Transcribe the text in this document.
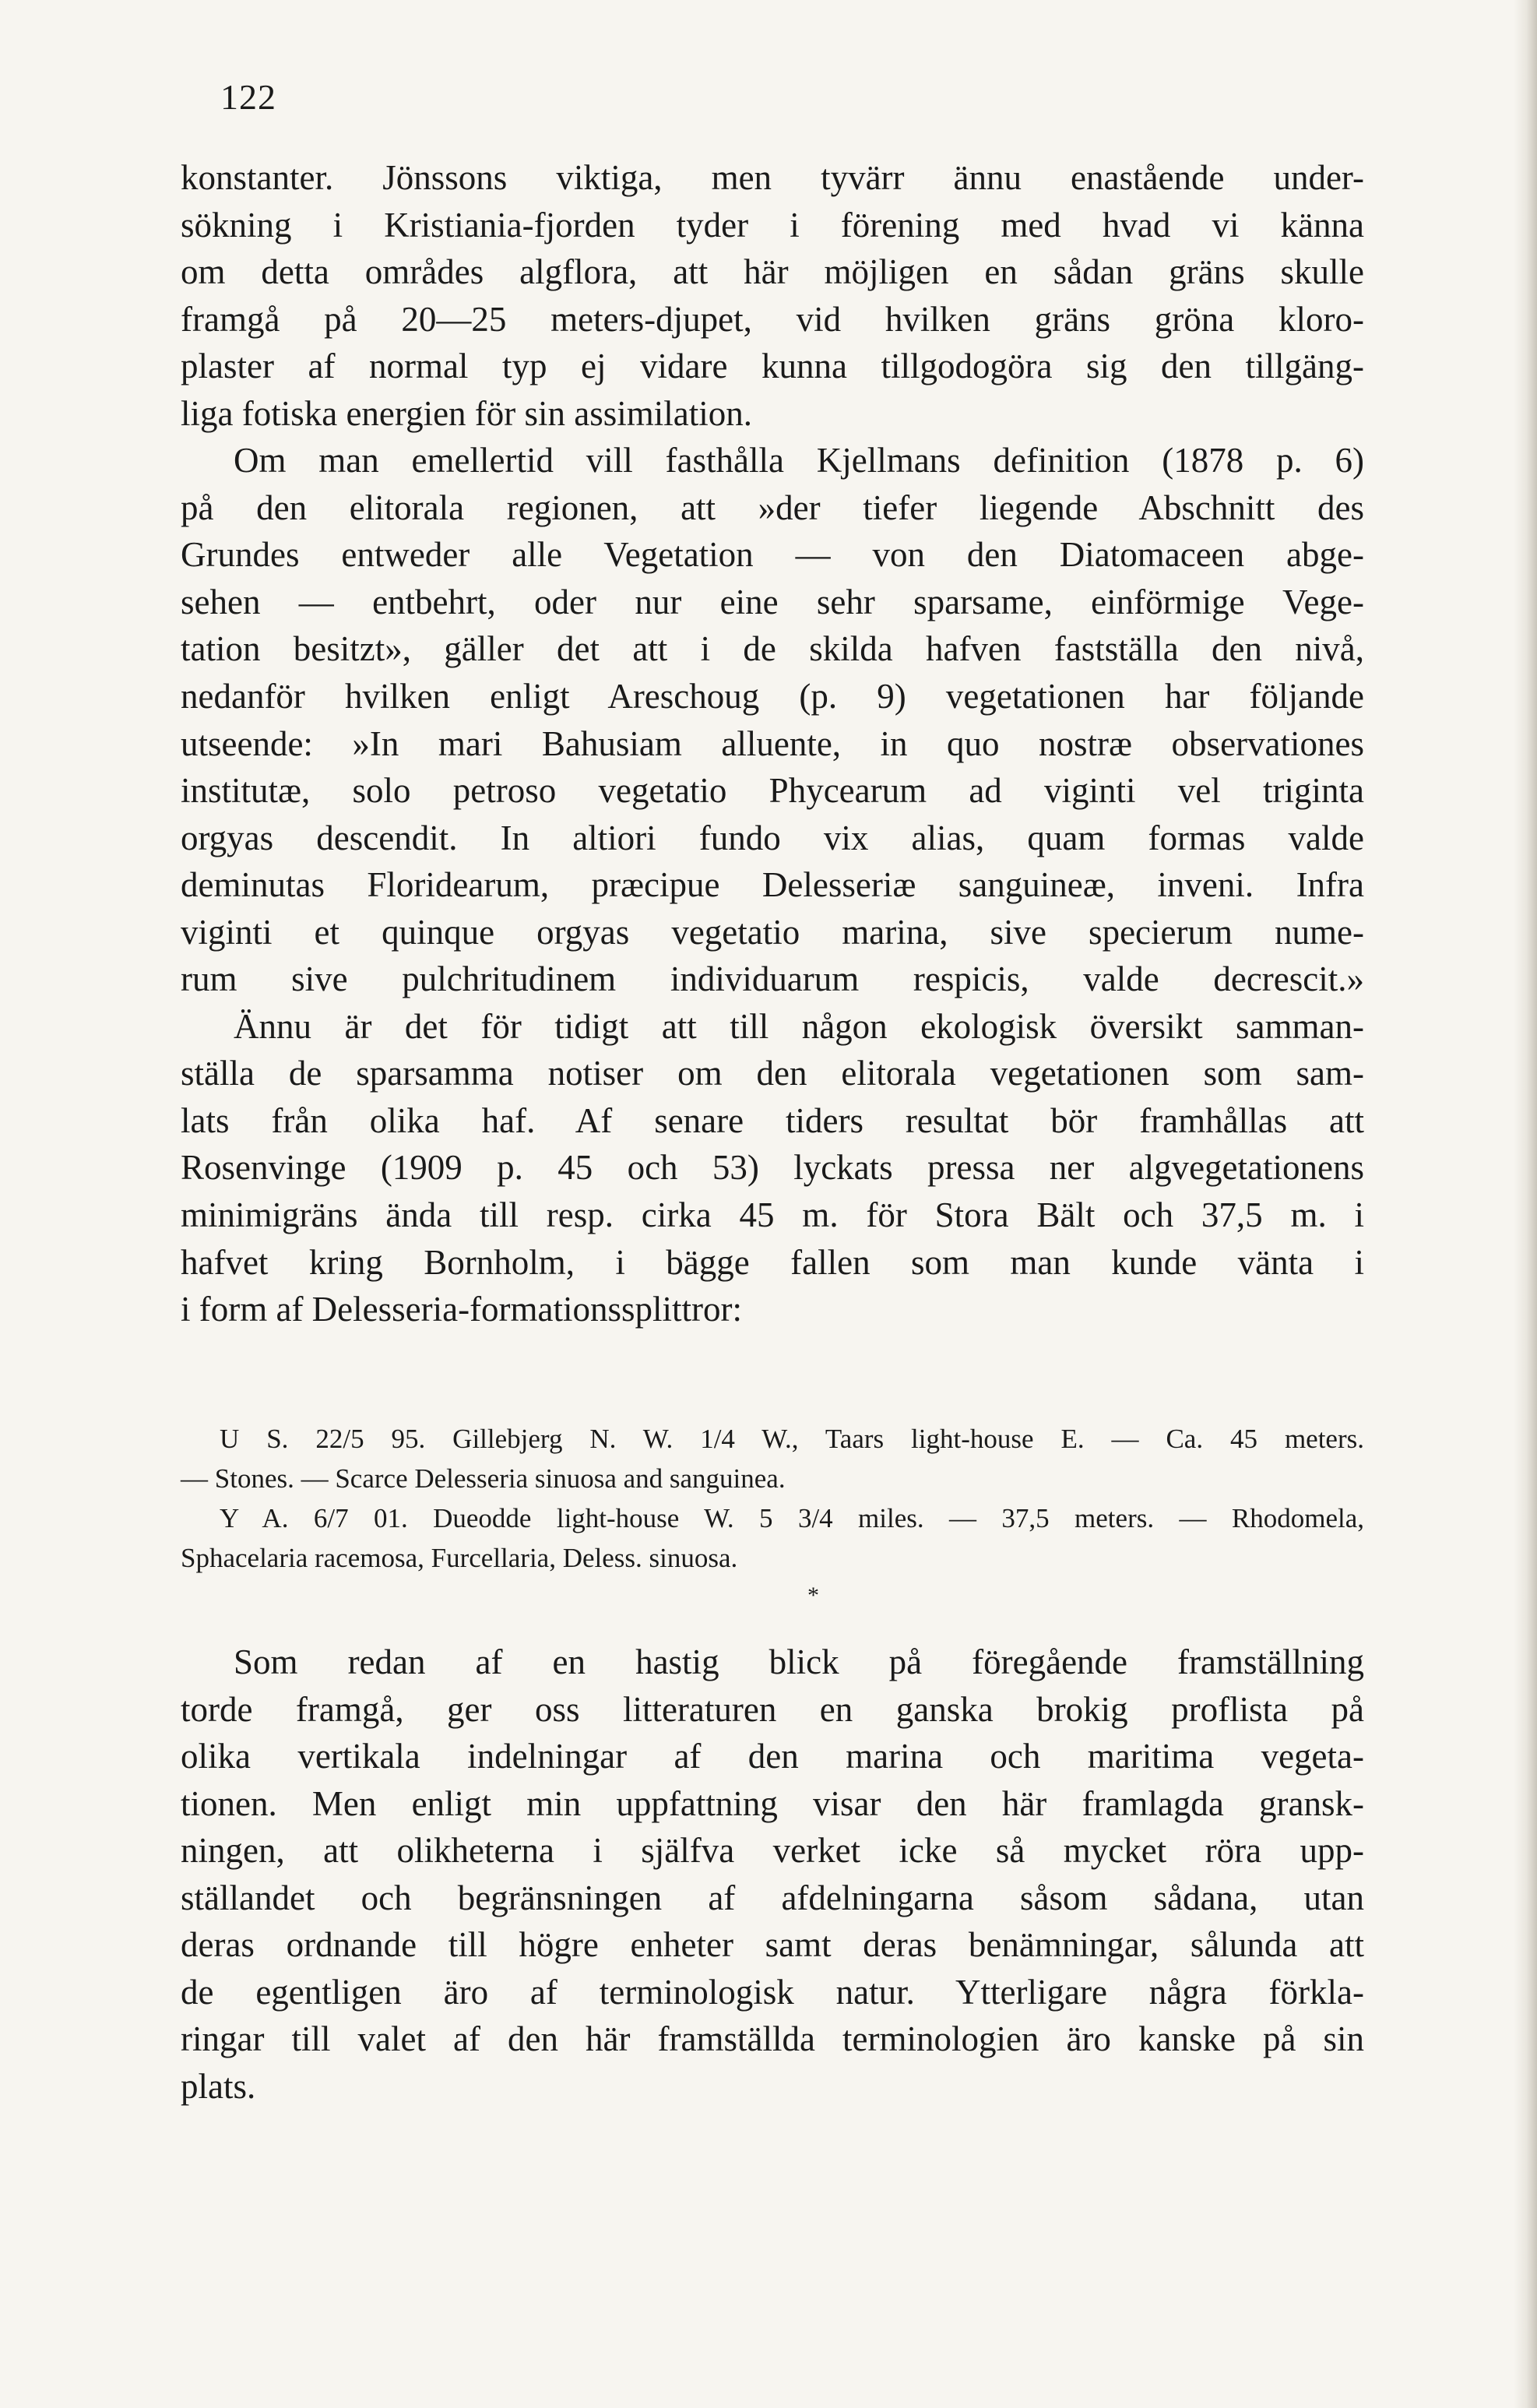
122
konstanter. Jönssons viktiga, men tyvärr ännu enastående under-
sökning i Kristiania-fjorden tyder i förening med hvad vi känna
om detta områdes algflora, att här möjligen en sådan gräns skulle
framgå på 20—25 meters-djupet, vid hvilken gräns gröna kloro-
plaster af normal typ ej vidare kunna tillgodogöra sig den tillgäng-
liga fotiska energien för sin assimilation.
Om man emellertid vill fasthålla Kjellmans definition (1878 p. 6)
på den elitorala regionen, att »der tiefer liegende Abschnitt des
Grundes entweder alle Vegetation — von den Diatomaceen abge-
sehen — entbehrt, oder nur eine sehr sparsame, einförmige Vege-
tation besitzt», gäller det att i de skilda hafven fastställa den nivå,
nedanför hvilken enligt Areschoug (p. 9) vegetationen har följande
utseende: »In mari Bahusiam alluente, in quo nostræ observationes
institutæ, solo petroso vegetatio Phycearum ad viginti vel triginta
orgyas descendit. In altiori fundo vix alias, quam formas valde
deminutas Floridearum, præcipue Delesseriæ sanguineæ, inveni. Infra
viginti et quinque orgyas vegetatio marina, sive specierum nume-
rum sive pulchritudinem individuarum respicis, valde decrescit.»
Ännu är det för tidigt att till någon ekologisk översikt samman-
ställa de sparsamma notiser om den elitorala vegetationen som sam-
lats från olika haf. Af senare tiders resultat bör framhållas att
Rosenvinge (1909 p. 45 och 53) lyckats pressa ner algvegetationens
minimigräns ända till resp. cirka 45 m. för Stora Bält och 37,5 m. i
hafvet kring Bornholm, i bägge fallen som man kunde vänta i
i form af Delesseria-formationssplittror:
U S. 22/5 95. Gillebjerg N. W. 1/4 W., Taars light-house E. — Ca. 45 meters.
— Stones. — Scarce Delesseria sinuosa and sanguinea.
Y A. 6/7 01. Dueodde light-house W. 5 3/4 miles. — 37,5 meters. — Rhodomela,
Sphacelaria racemosa, Furcellaria, Deless. sinuosa.
*
Som redan af en hastig blick på föregående framställning
torde framgå, ger oss litteraturen en ganska brokig proflista på
olika vertikala indelningar af den marina och maritima vegeta-
tionen. Men enligt min uppfattning visar den här framlagda gransk-
ningen, att olikheterna i själfva verket icke så mycket röra upp-
ställandet och begränsningen af afdelningarna såsom sådana, utan
deras ordnande till högre enheter samt deras benämningar, sålunda att
de egentligen äro af terminologisk natur. Ytterligare några förkla-
ringar till valet af den här framställda terminologien äro kanske på sin
plats.
